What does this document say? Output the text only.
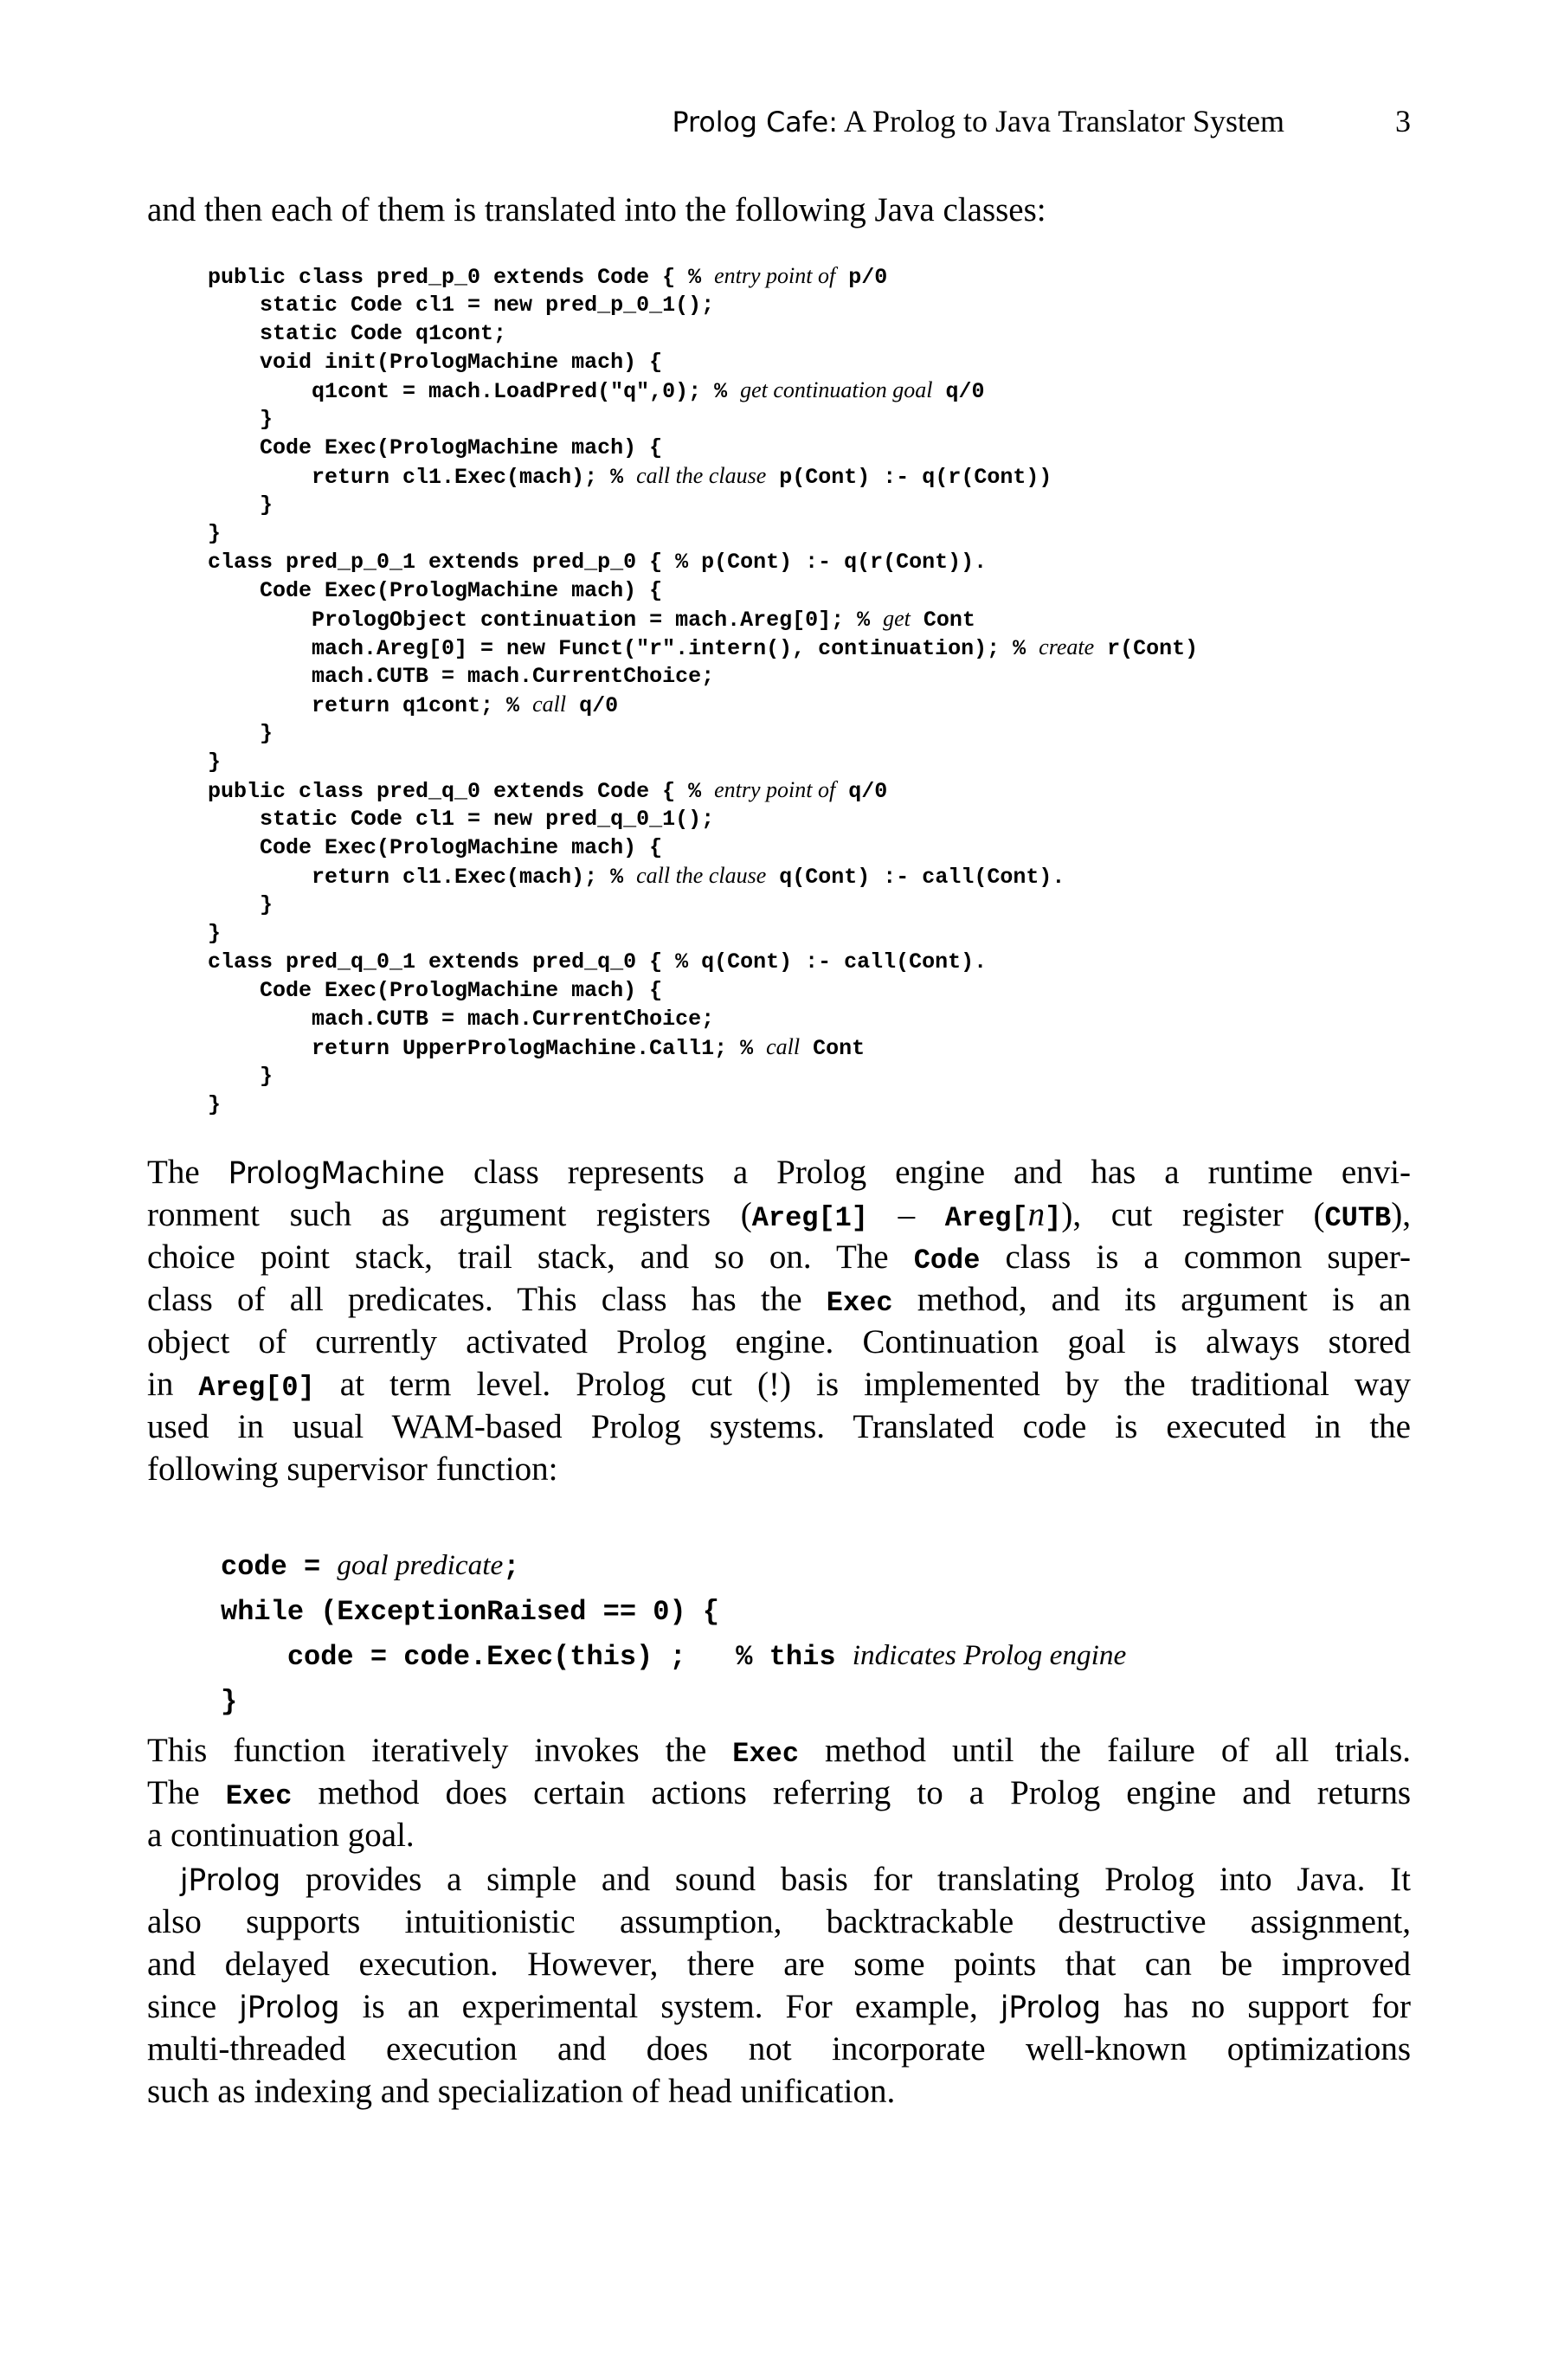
Prolog Cafe: A Prolog to Java Translator System	3
and then each of them is translated into the following Java classes:
public class pred_p_0 extends Code { % entry point of p/0
static Code cl1 = new pred_p_0_1();
static Code q1cont;
void init(PrologMachine mach) {
q1cont = mach.LoadPred("q",0); % get continuation goal q/0
}
Code Exec(PrologMachine mach) {
return cl1.Exec(mach); % call the clause p(Cont) :- q(r(Cont))
}
}
class pred_p_0_1 extends pred_p_0 { % p(Cont) :- q(r(Cont)).
Code Exec(PrologMachine mach) {
PrologObject continuation = mach.Areg[0]; % get Cont
mach.Areg[0] = new Funct("r".intern(), continuation); % create r(Cont)
mach.CUTB = mach.CurrentChoice;
return q1cont; % call q/0
}
}
public class pred_q_0 extends Code { % entry point of q/0
static Code cl1 = new pred_q_0_1();
Code Exec(PrologMachine mach) {
return cl1.Exec(mach); % call the clause q(Cont) :- call(Cont).
}
}
class pred_q_0_1 extends pred_q_0 { % q(Cont) :- call(Cont).
Code Exec(PrologMachine mach) {
mach.CUTB = mach.CurrentChoice;
return UpperPrologMachine.Call1; % call Cont
}
}
The PrologMachine class represents a Prolog engine and has a runtime envi-
ronment such as argument registers (Areg[1] – Areg[n]), cut register (CUTB),
choice point stack, trail stack, and so on. The Code class is a common super-
class of all predicates. This class has the Exec method, and its argument is an
object of currently activated Prolog engine. Continuation goal is always stored
in Areg[0] at term level. Prolog cut (!) is implemented by the traditional way
used in usual WAM-based Prolog systems. Translated code is executed in the
following supervisor function:
code = goal predicate;
while (ExceptionRaised == 0) {
code = code.Exec(this) ;   % this indicates Prolog engine
}
This function iteratively invokes the Exec method until the failure of all trials.
The Exec method does certain actions referring to a Prolog engine and returns
a continuation goal.
jProlog provides a simple and sound basis for translating Prolog into Java. It
also supports intuitionistic assumption, backtrackable destructive assignment,
and delayed execution. However, there are some points that can be improved
since jProlog is an experimental system. For example, jProlog has no support for
multi-threaded execution and does not incorporate well-known optimizations
such as indexing and specialization of head unification.
